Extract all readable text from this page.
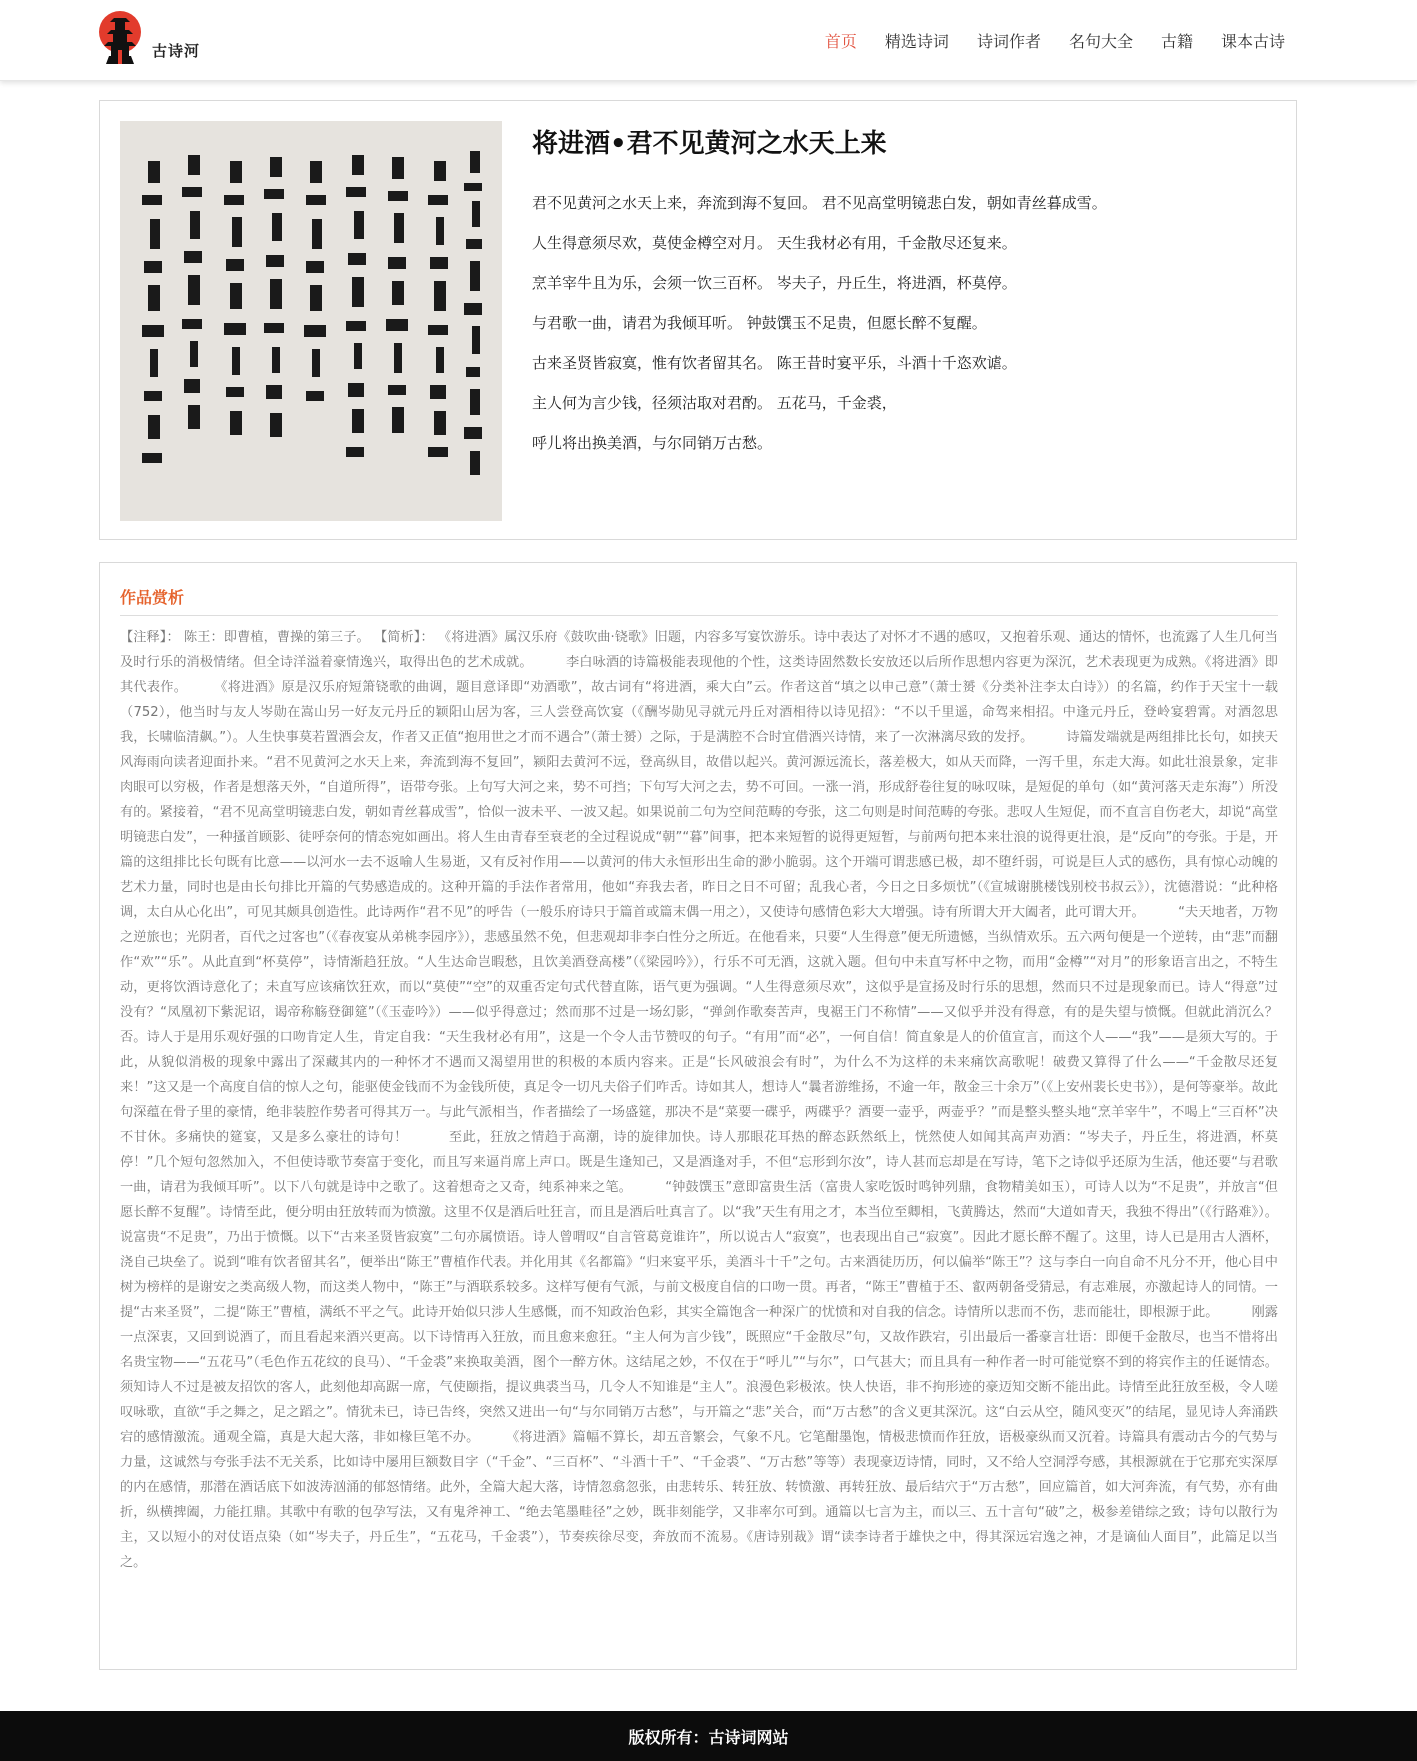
古诗河
首页 精选诗词 诗词作者 名句大全 古籍 课本古诗
将进酒•君不见黄河之水天上来
君不见黄河之水天上来，奔流到海不复回。 君不见高堂明镜悲白发，朝如青丝暮成雪。
人生得意须尽欢，莫使金樽空对月。 天生我材必有用，千金散尽还复来。
烹羊宰牛且为乐，会须一饮三百杯。 岑夫子，丹丘生，将进酒，杯莫停。
与君歌一曲，请君为我倾耳听。 钟鼓馔玉不足贵，但愿长醉不复醒。
古来圣贤皆寂寞，惟有饮者留其名。 陈王昔时宴平乐，斗酒十千恣欢谑。
主人何为言少钱，径须沽取对君酌。 五花马，千金裘，
呼儿将出换美酒，与尔同销万古愁。
作品赏析

【注释】： 陈王：即曹植，曹操的第三子。 【简析】： 《将进酒》属汉乐府《鼓吹曲·铙歌》旧题，内容多写宴饮游乐。诗中表达了对怀才不遇的感叹，又抱着乐观、通达的情怀，也流露了人生几何当及时行乐的消极情绪。但全诗洋溢着豪情逸兴，取得出色的艺术成就。　　　李白咏酒的诗篇极能表现他的个性，这类诗固然数长安放还以后所作思想内容更为深沉，艺术表现更为成熟。《将进酒》即其代表作。　　　《将进酒》原是汉乐府短箫铙歌的曲调，题目意译即“劝酒歌”，故古词有“将进酒，乘大白”云。作者这首“填之以申己意”（萧士赟《分类补注李太白诗》）的名篇，约作于天宝十一载（752），他当时与友人岑勋在嵩山另一好友元丹丘的颖阳山居为客，三人尝登高饮宴（《酬岑勋见寻就元丹丘对酒相待以诗见招》：“不以千里遥，命驾来相招。中逢元丹丘，登岭宴碧霄。对酒忽思我，长啸临清飙。”）。人生快事莫若置酒会友，作者又正值“抱用世之才而不遇合”（萧士赟）之际，于是满腔不合时宜借酒兴诗情，来了一次淋漓尽致的发抒。　　　诗篇发端就是两组排比长句，如挟天风海雨向读者迎面扑来。“君不见黄河之水天上来，奔流到海不复回”，颍阳去黄河不远，登高纵目，故借以起兴。黄河源远流长，落差极大，如从天而降，一泻千里，东走大海。如此壮浪景象，定非肉眼可以穷极，作者是想落天外，“自道所得”，语带夸张。上句写大河之来，势不可挡；下句写大河之去，势不可回。一涨一消，形成舒卷往复的咏叹味，是短促的单句（如“黄河落天走东海”）所没有的。紧接着，“君不见高堂明镜悲白发，朝如青丝暮成雪”，恰似一波未平、一波又起。如果说前二句为空间范畴的夸张，这二句则是时间范畴的夸张。悲叹人生短促，而不直言自伤老大，却说“高堂明镜悲白发”，一种搔首顾影、徒呼奈何的情态宛如画出。将人生由青春至衰老的全过程说成“朝”“暮”间事，把本来短暂的说得更短暂，与前两句把本来壮浪的说得更壮浪，是“反向”的夸张。于是，开篇的这组排比长句既有比意——以河水一去不返喻人生易逝，又有反衬作用——以黄河的伟大永恒形出生命的渺小脆弱。这个开端可谓悲感已极，却不堕纤弱，可说是巨人式的感伤，具有惊心动魄的艺术力量，同时也是由长句排比开篇的气势感造成的。这种开篇的手法作者常用，他如“弃我去者，昨日之日不可留；乱我心者，今日之日多烦忧”（《宣城谢朓楼饯别校书叔云》），沈德潜说：“此种格调，太白从心化出”，可见其颇具创造性。此诗两作“君不见”的呼告（一般乐府诗只于篇首或篇末偶一用之），又使诗句感情色彩大大增强。诗有所谓大开大阖者，此可谓大开。　　　“夫天地者，万物之逆旅也；光阴者，百代之过客也”（《春夜宴从弟桃李园序》），悲感虽然不免，但悲观却非李白性分之所近。在他看来，只要“人生得意”便无所遗憾，当纵情欢乐。五六两句便是一个逆转，由“悲”而翻作“欢”“乐”。从此直到“杯莫停”，诗情渐趋狂放。“人生达命岂暇愁，且饮美酒登高楼”（《梁园吟》），行乐不可无酒，这就入题。但句中未直写杯中之物，而用“金樽”“对月”的形象语言出之，不特生动，更将饮酒诗意化了；未直写应该痛饮狂欢，而以“莫使”“空”的双重否定句式代替直陈，语气更为强调。“人生得意须尽欢”，这似乎是宣扬及时行乐的思想，然而只不过是现象而已。诗人“得意”过没有？“凤凰初下紫泥诏，谒帝称觞登御筵”（《玉壶吟》）——似乎得意过；然而那不过是一场幻影，“弹剑作歌奏苦声，曳裾王门不称情”——又似乎并没有得意，有的是失望与愤慨。但就此消沉么？否。诗人于是用乐观好强的口吻肯定人生，肯定自我：“天生我材必有用”，这是一个令人击节赞叹的句子。“有用”而“必”，一何自信！简直象是人的价值宣言，而这个人——“我”——是须大写的。于此，从貌似消极的现象中露出了深藏其内的一种怀才不遇而又渴望用世的积极的本质内容来。正是“长风破浪会有时”，为什么不为这样的未来痛饮高歌呢！破费又算得了什么——“千金散尽还复来！”这又是一个高度自信的惊人之句，能驱使金钱而不为金钱所使，真足令一切凡夫俗子们咋舌。诗如其人，想诗人“曩者游维扬，不逾一年，散金三十余万”（《上安州裴长史书》），是何等豪举。故此句深蕴在骨子里的豪情，绝非装腔作势者可得其万一。与此气派相当，作者描绘了一场盛筵，那决不是“菜要一碟乎，两碟乎？酒要一壶乎，两壶乎？”而是整头整头地“烹羊宰牛”，不喝上“三百杯”决不甘休。多痛快的筵宴，又是多么豪壮的诗句！　　　至此，狂放之情趋于高潮，诗的旋律加快。诗人那眼花耳热的醉态跃然纸上，恍然使人如闻其高声劝酒：“岑夫子，丹丘生，将进酒，杯莫停！”几个短句忽然加入，不但使诗歌节奏富于变化，而且写来逼肖席上声口。既是生逢知己，又是酒逢对手，不但“忘形到尔汝”，诗人甚而忘却是在写诗，笔下之诗似乎还原为生活，他还要“与君歌一曲，请君为我倾耳听”。以下八句就是诗中之歌了。这着想奇之又奇，纯系神来之笔。　　　“钟鼓馔玉”意即富贵生活（富贵人家吃饭时鸣钟列鼎，食物精美如玉），可诗人以为“不足贵”，并放言“但愿长醉不复醒”。诗情至此，便分明由狂放转而为愤激。这里不仅是酒后吐狂言，而且是酒后吐真言了。以“我”天生有用之才，本当位至卿相，飞黄腾达，然而“大道如青天，我独不得出”（《行路难》）。说富贵“不足贵”，乃出于愤慨。以下“古来圣贤皆寂寞”二句亦属愤语。诗人曾喟叹“自言管葛竟谁许”，所以说古人“寂寞”，也表现出自己“寂寞”。因此才愿长醉不醒了。这里，诗人已是用古人酒杯，浇自己块垒了。说到“唯有饮者留其名”，便举出“陈王”曹植作代表。并化用其《名都篇》“归来宴平乐，美酒斗十千”之句。古来酒徒历历，何以偏举“陈王”？这与李白一向自命不凡分不开，他心目中树为榜样的是谢安之类高级人物，而这类人物中，“陈王”与酒联系较多。这样写便有气派，与前文极度自信的口吻一贯。再者，“陈王”曹植于丕、叡两朝备受猜忌，有志难展，亦激起诗人的同情。一提“古来圣贤”，二提“陈王”曹植，满纸不平之气。此诗开始似只涉人生感慨，而不知政治色彩，其实全篇饱含一种深广的忧愤和对自我的信念。诗情所以悲而不伤，悲而能壮，即根源于此。　　　刚露一点深衷，又回到说酒了，而且看起来酒兴更高。以下诗情再入狂放，而且愈来愈狂。“主人何为言少钱”，既照应“千金散尽”句，又故作跌宕，引出最后一番豪言壮语：即便千金散尽，也当不惜将出名贵宝物——“五花马”（毛色作五花纹的良马）、“千金裘”来换取美酒，图个一醉方休。这结尾之妙，不仅在于“呼儿”“与尔”，口气甚大；而且具有一种作者一时可能觉察不到的将宾作主的任诞情态。须知诗人不过是被友招饮的客人，此刻他却高踞一席，气使颐指，提议典裘当马，几令人不知谁是“主人”。浪漫色彩极浓。快人快语，非不拘形迹的豪迈知交断不能出此。诗情至此狂放至极，令人嗟叹咏歌，直欲“手之舞之，足之蹈之”。情犹未已，诗已告终，突然又进出一句“与尔同销万古愁”，与开篇之“悲”关合，而“万古愁”的含义更其深沉。这“白云从空，随风变灭”的结尾，显见诗人奔涌跌宕的感情激流。通观全篇，真是大起大落，非如椽巨笔不办。　　　《将进酒》篇幅不算长，却五音繁会，气象不凡。它笔酣墨饱，情极悲愤而作狂放，语极豪纵而又沉着。诗篇具有震动古今的气势与力量，这诚然与夸张手法不无关系，比如诗中屡用巨额数目字（“千金”、“三百杯”、“斗酒十千”、“千金裘”、“万古愁”等等）表现豪迈诗情，同时，又不给人空洞浮夸感，其根源就在于它那充实深厚的内在感情，那潜在酒话底下如波涛汹涌的郁怒情绪。此外，全篇大起大落，诗情忽翕忽张，由悲转乐、转狂放、转愤激、再转狂放、最后结穴于“万古愁”，回应篇首，如大河奔流，有气势，亦有曲折，纵横捭阖，力能扛鼎。其歌中有歌的包孕写法，又有鬼斧神工、“绝去笔墨畦径”之妙，既非刻能学，又非率尔可到。通篇以七言为主，而以三、五十言句“破”之，极参差错综之致；诗句以散行为主，又以短小的对仗语点染（如“岑夫子，丹丘生”，“五花马，千金裘”），节奏疾徐尽变，奔放而不流易。《唐诗别裁》谓“读李诗者于雄快之中，得其深远宕逸之神，才是谪仙人面目”，此篇足以当之。

版权所有：古诗词网站
